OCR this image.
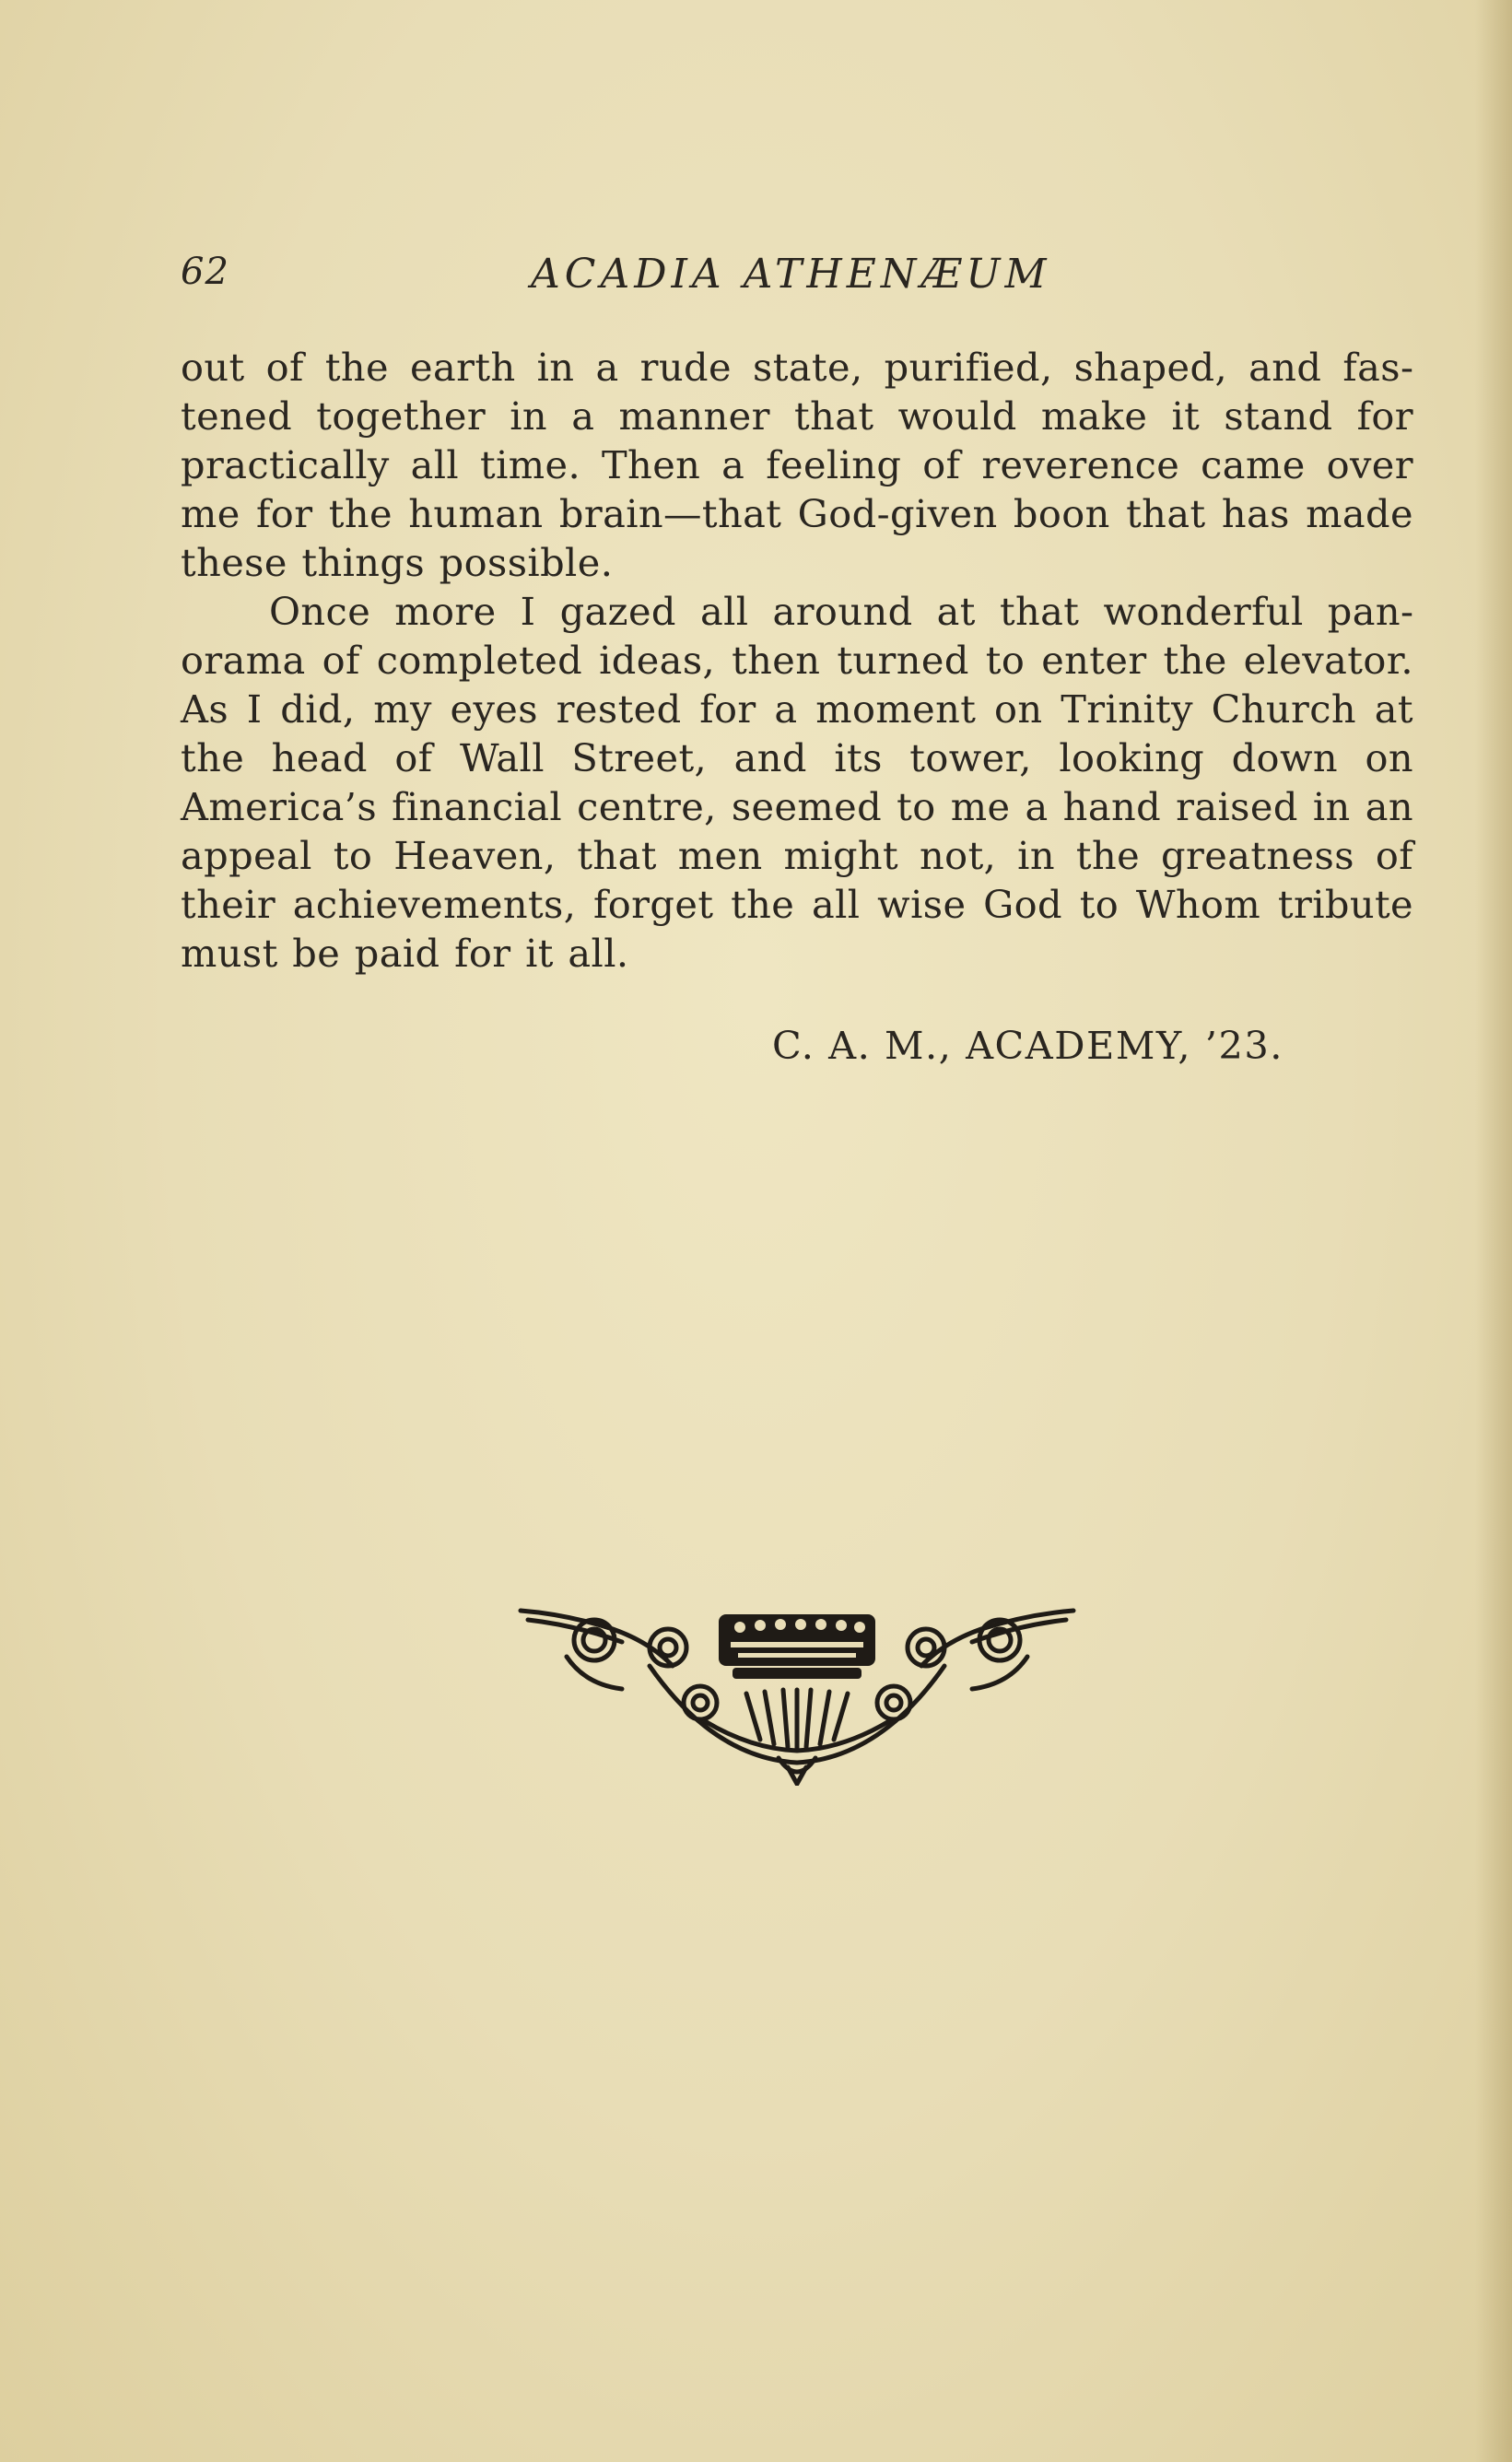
62	ACADIA ATHENÆUM

out of the earth in a rude state, purified, shaped, and fastened together in a manner that would make it stand for practically all time. Then a feeling of reverence came over me for the human brain—that God-given boon that has made these things possible.

Once more I gazed all around at that wonderful panorama of completed ideas, then turned to enter the elevator. As I did, my eyes rested for a moment on Trinity Church at the head of Wall Street, and its tower, looking down on America’s financial centre, seemed to me a hand raised in an appeal to Heaven, that men might not, in the greatness of their achievements, forget the all wise God to Whom tribute must be paid for it all.

C. A. M., ACADEMY, ’23.
